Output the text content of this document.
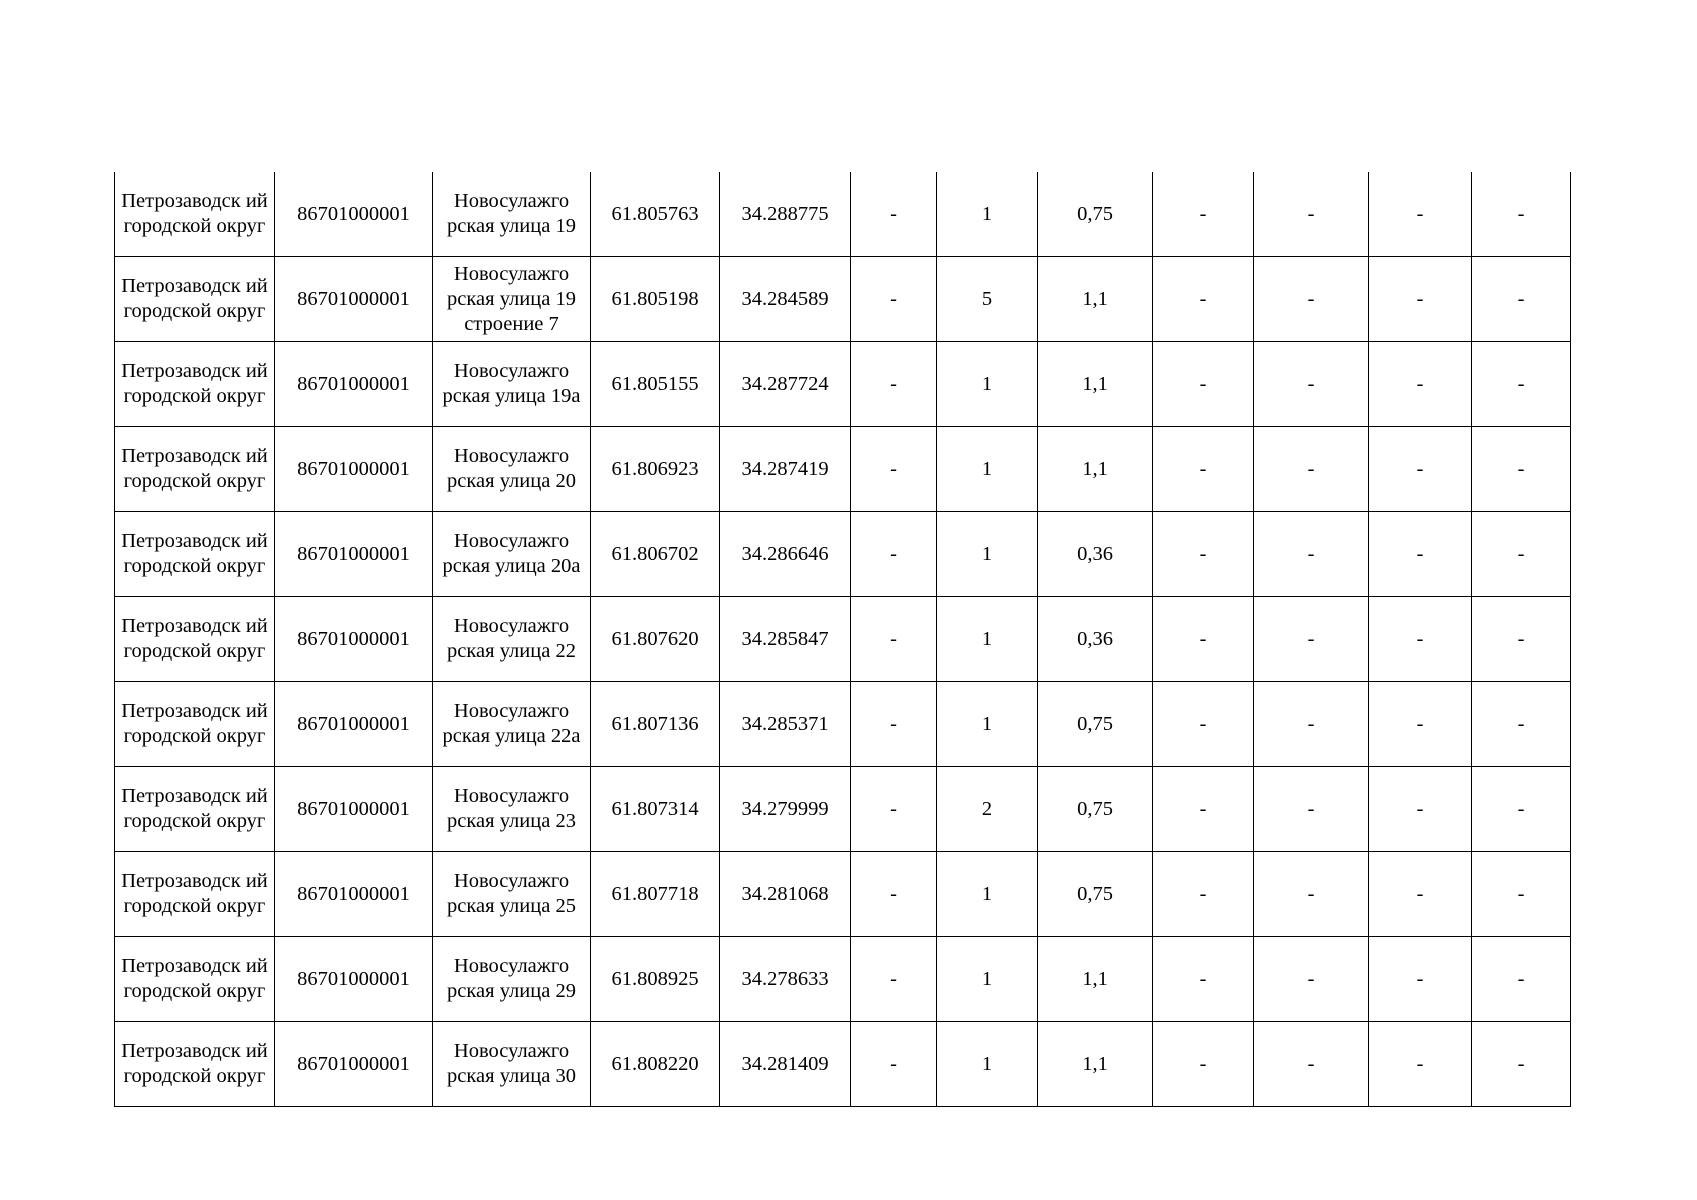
Петрозаводск ий городской округ	86701000001	Новосулажго рская улица 19	61.805763	34.288775	-	1	0,75	-	-	-	-
Петрозаводск ий городской округ	86701000001	Новосулажго рская улица 19 строение 7	61.805198	34.284589	-	5	1,1	-	-	-	-
Петрозаводск ий городской округ	86701000001	Новосулажго рская улица 19а	61.805155	34.287724	-	1	1,1	-	-	-	-
Петрозаводск ий городской округ	86701000001	Новосулажго рская улица 20	61.806923	34.287419	-	1	1,1	-	-	-	-
Петрозаводск ий городской округ	86701000001	Новосулажго рская улица 20а	61.806702	34.286646	-	1	0,36	-	-	-	-
Петрозаводск ий городской округ	86701000001	Новосулажго рская улица 22	61.807620	34.285847	-	1	0,36	-	-	-	-
Петрозаводск ий городской округ	86701000001	Новосулажго рская улица 22а	61.807136	34.285371	-	1	0,75	-	-	-	-
Петрозаводск ий городской округ	86701000001	Новосулажго рская улица 23	61.807314	34.279999	-	2	0,75	-	-	-	-
Петрозаводск ий городской округ	86701000001	Новосулажго рская улица 25	61.807718	34.281068	-	1	0,75	-	-	-	-
Петрозаводск ий городской округ	86701000001	Новосулажго рская улица 29	61.808925	34.278633	-	1	1,1	-	-	-	-
Петрозаводск ий городской округ	86701000001	Новосулажго рская улица 30	61.808220	34.281409	-	1	1,1	-	-	-	-
